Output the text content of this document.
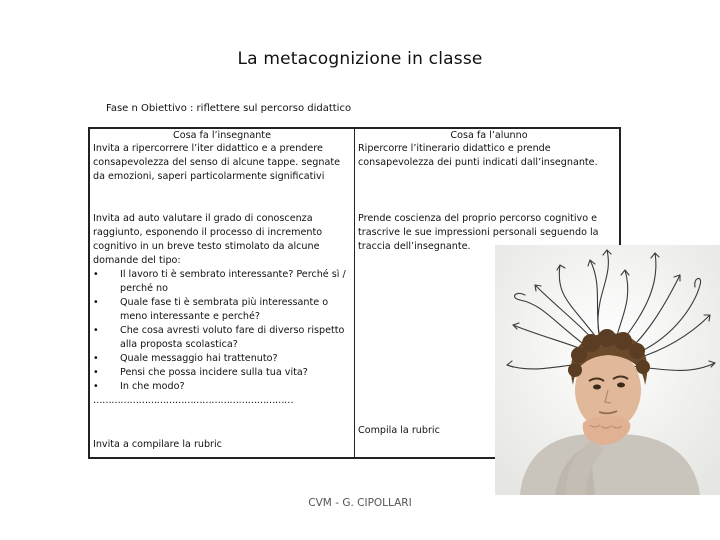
La metacognizione in classe
Fase n Obiettivo : riflettere sul percorso didattico
Cosa fa l’insegnante

Invita a ripercorrere l’iter didattico e a prendere consapevolezza del senso di alcune tappe. segnate da emozioni, saperi particolarmente significativi

Invita ad auto valutare il grado di conoscenza raggiunto, esponendo il processo di incremento cognitivo in un breve testo stimolato da alcune domande del tipo:

• Il lavoro ti è sembrato interessante? Perché sì / perché no
• Quale fase ti è sembrata più interessante o meno interessante e perché?
• Che cosa avresti voluto fare di diverso rispetto alla proposta scolastica?
• Quale messaggio hai trattenuto?
• Pensi che possa incidere sulla tua vita?
• In che modo?
…………………………………………………………

Invita a compilare la rubric

Cosa fa l’alunno

Ripercorre l’itinerario didattico e prende consapevolezza dei punti indicati dall’insegnante.

Prende coscienza del proprio percorso cognitivo e trascrive le sue impressioni personali seguendo la traccia dell’insegnante.

Compila la rubric

CVM - G. CIPOLLARI
